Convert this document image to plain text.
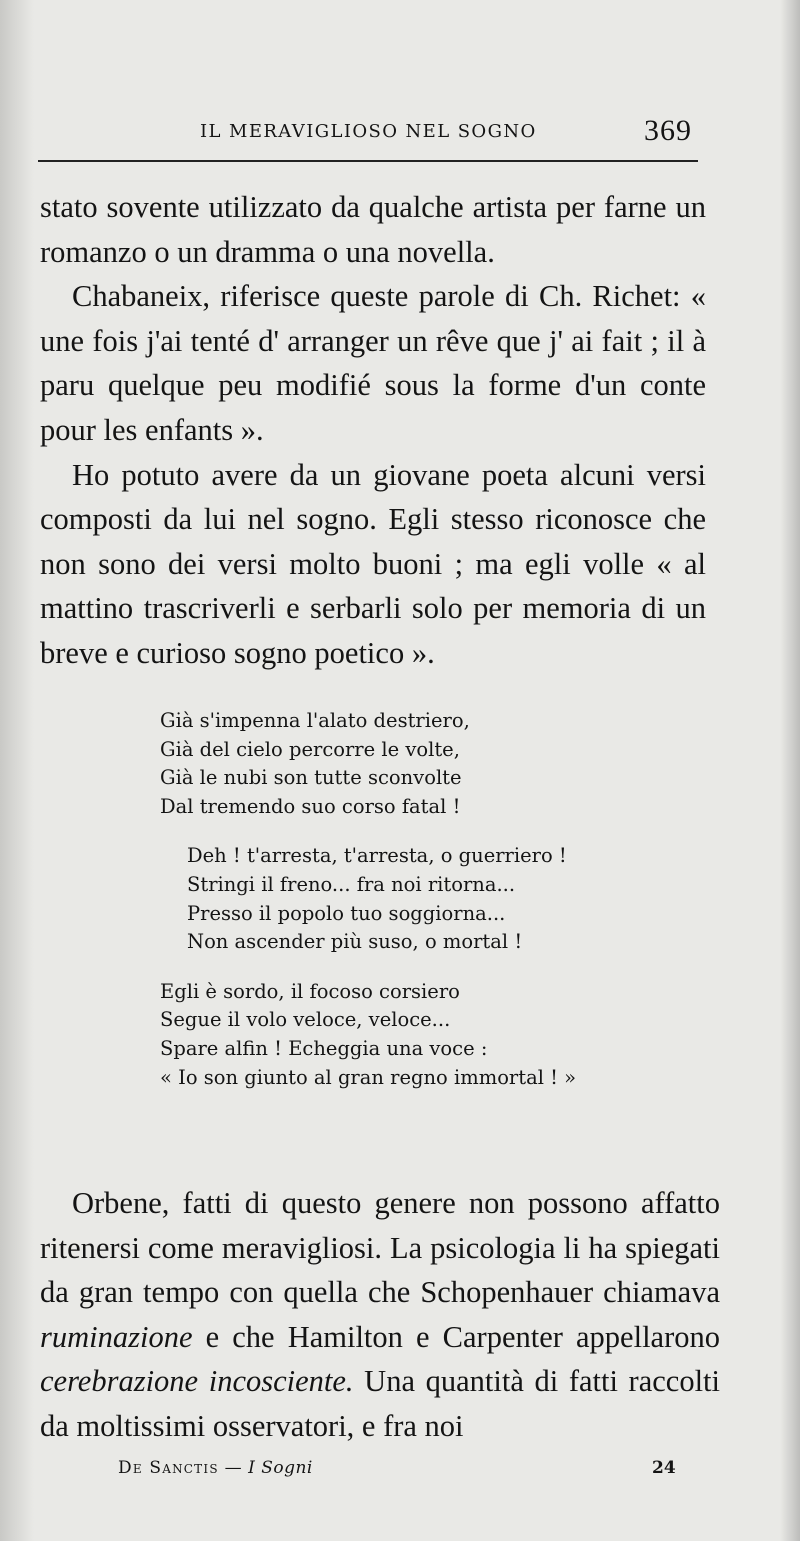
IL MERAVIGLIOSO NEL SOGNO	369

stato sovente utilizzato da qualche artista per farne un romanzo o un dramma o una novella.

Chabaneix, riferisce queste parole di Ch. Richet: « une fois j'ai tenté d' arranger un rêve que j' ai fait ; il à paru quelque peu modifié sous la forme d'un conte pour les enfants ».

Ho potuto avere da un giovane poeta alcuni versi composti da lui nel sogno. Egli stesso riconosce che non sono dei versi molto buoni ; ma egli volle « al mattino trascriverli e serbarli solo per memoria di un breve e curioso sogno poetico ».

Già s'impenna l'alato destriero,
Già del cielo percorre le volte,
Già le nubi son tutte sconvolte
Dal tremendo suo corso fatal !
Deh ! t'arresta, t'arresta, o guerriero !
Stringi il freno... fra noi ritorna...
Presso il popolo tuo soggiorna...
Non ascender più suso, o mortal !
Egli è sordo, il focoso corsiero
Segue il volo veloce, veloce...
Spare alfin ! Echeggia una voce :
« Io son giunto al gran regno immortal ! »

Orbene, fatti di questo genere non possono affatto ritenersi come meravigliosi. La psicologia li ha spiegati da gran tempo con quella che Schopenhauer chiamava ruminazione e che Hamilton e Carpenter appellarono cerebrazione incosciente. Una quantità di fatti raccolti da moltissimi osservatori, e fra noi

De Sanctis — I Sogni	24
